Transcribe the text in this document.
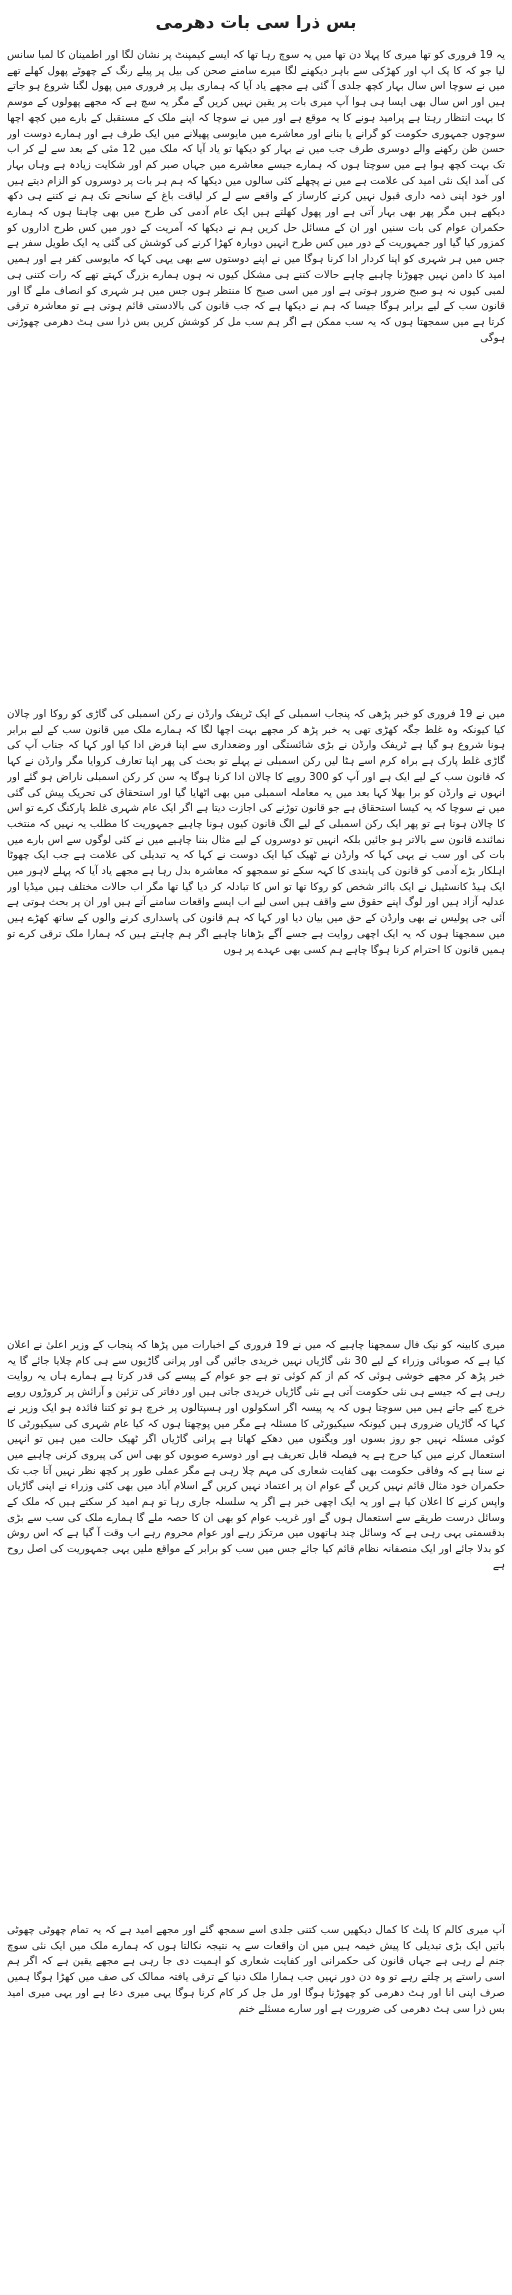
بس ذرا سی بات دھرمی

یہ 19 فروری کو تھا میری کا پہلا دن تھا میں یہ سوچ رہا تھا کہ ایسے کیمپنٹ پر نشان لگا اور اطمینان کا لمبا سانس لیا جو کہ کا پک اپ اور کھڑکی سے باہر دیکھنے لگا میرے سامنے صحن کی بیل پر پیلے رنگ کے چھوٹے پھول کھلے تھے میں نے سوچا اس سال بہار کچھ جلدی آ گئی ہے مجھے یاد آیا کہ ہماری بیل پر فروری میں پھول لگنا شروع ہو جاتے ہیں اور اس سال بھی ایسا ہی ہوا آپ میری بات پر یقین نہیں کریں گے مگر یہ سچ ہے کہ مجھے پھولوں کے موسم کا بہت انتظار رہتا ہے پرامید ہونے کا یہ موقع ہے اور میں نے سوچا کہ اپنے ملک کے مستقبل کے بارے میں کچھ اچھا سوچوں جمہوری حکومت کو گرانے یا بنانے اور معاشرے میں مایوسی پھیلانے میں ایک طرف ہے اور ہمارے دوست اور حسن ظن رکھنے والے دوسری طرف جب میں نے بہار کو دیکھا تو یاد آیا کہ ملک میں 12 مئی کے بعد سے لے کر اب تک بہت کچھ ہوا ہے میں سوچتا ہوں کہ ہمارے جیسے معاشرے میں جہاں صبر کم اور شکایت زیادہ ہے وہاں بہار کی آمد ایک نئی امید کی علامت ہے میں نے پچھلے کئی سالوں میں دیکھا کہ ہم ہر بات پر دوسروں کو الزام دیتے ہیں اور خود اپنی ذمہ داری قبول نہیں کرتے کارساز کے واقعے سے لے کر لیاقت باغ کے سانحے تک ہم نے کتنے ہی دکھ دیکھے ہیں مگر پھر بھی بہار آتی ہے اور پھول کھلتے ہیں ایک عام آدمی کی طرح میں بھی چاہتا ہوں کہ ہمارے حکمران عوام کی بات سنیں اور ان کے مسائل حل کریں ہم نے دیکھا کہ آمریت کے دور میں کس طرح اداروں کو کمزور کیا گیا اور جمہوریت کے دور میں کس طرح انہیں دوبارہ کھڑا کرنے کی کوشش کی گئی یہ ایک طویل سفر ہے جس میں ہر شہری کو اپنا کردار ادا کرنا ہوگا میں نے اپنے دوستوں سے بھی یہی کہا کہ مایوسی کفر ہے اور ہمیں امید کا دامن نہیں چھوڑنا چاہیے چاہے حالات کتنے ہی مشکل کیوں نہ ہوں ہمارے بزرگ کہتے تھے کہ رات کتنی ہی لمبی کیوں نہ ہو صبح ضرور ہوتی ہے اور میں اسی صبح کا منتظر ہوں جس میں ہر شہری کو انصاف ملے گا اور قانون سب کے لیے برابر ہوگا جیسا کہ ہم نے دیکھا ہے کہ جب قانون کی بالادستی قائم ہوتی ہے تو معاشرہ ترقی کرتا ہے میں سمجھتا ہوں کہ یہ سب ممکن ہے اگر ہم سب مل کر کوشش کریں بس ذرا سی ہٹ دھرمی چھوڑنی ہوگی

میں نے 19 فروری کو خبر پڑھی کہ پنجاب اسمبلی کے ایک ٹریفک وارڈن نے رکن اسمبلی کی گاڑی کو روکا اور چالان کیا کیونکہ وہ غلط جگہ کھڑی تھی یہ خبر پڑھ کر مجھے بہت اچھا لگا کہ ہمارے ملک میں قانون سب کے لیے برابر ہونا شروع ہو گیا ہے ٹریفک وارڈن نے بڑی شائستگی اور وضعداری سے اپنا فرض ادا کیا اور کہا کہ جناب آپ کی گاڑی غلط پارک ہے براہ کرم اسے ہٹا لیں رکن اسمبلی نے پہلے تو بحث کی پھر اپنا تعارف کروایا مگر وارڈن نے کہا کہ قانون سب کے لیے ایک ہے اور آپ کو 300 روپے کا چالان ادا کرنا ہوگا یہ سن کر رکن اسمبلی ناراض ہو گئے اور انہوں نے وارڈن کو برا بھلا کہا بعد میں یہ معاملہ اسمبلی میں بھی اٹھایا گیا اور استحقاق کی تحریک پیش کی گئی میں نے سوچا کہ یہ کیسا استحقاق ہے جو قانون توڑنے کی اجازت دیتا ہے اگر ایک عام شہری غلط پارکنگ کرے تو اس کا چالان ہوتا ہے تو پھر ایک رکن اسمبلی کے لیے الگ قانون کیوں ہونا چاہیے جمہوریت کا مطلب یہ نہیں کہ منتخب نمائندے قانون سے بالاتر ہو جائیں بلکہ انہیں تو دوسروں کے لیے مثال بننا چاہیے میں نے کئی لوگوں سے اس بارے میں بات کی اور سب نے یہی کہا کہ وارڈن نے ٹھیک کیا ایک دوست نے کہا کہ یہ تبدیلی کی علامت ہے جب ایک چھوٹا اہلکار بڑے آدمی کو قانون کی پابندی کا کہہ سکے تو سمجھو کہ معاشرہ بدل رہا ہے مجھے یاد آیا کہ پہلے لاہور میں ایک ہیڈ کانسٹیبل نے ایک بااثر شخص کو روکا تھا تو اس کا تبادلہ کر دیا گیا تھا مگر اب حالات مختلف ہیں میڈیا اور عدلیہ آزاد ہیں اور لوگ اپنے حقوق سے واقف ہیں اسی لیے اب ایسے واقعات سامنے آتے ہیں اور ان پر بحث ہوتی ہے آئی جی پولیس نے بھی وارڈن کے حق میں بیان دیا اور کہا کہ ہم قانون کی پاسداری کرنے والوں کے ساتھ کھڑے ہیں میں سمجھتا ہوں کہ یہ ایک اچھی روایت ہے جسے آگے بڑھانا چاہیے اگر ہم چاہتے ہیں کہ ہمارا ملک ترقی کرے تو ہمیں قانون کا احترام کرنا ہوگا چاہے ہم کسی بھی عہدے پر ہوں

میری کابینہ کو نیک فال سمجھنا چاہیے کہ میں نے 19 فروری کے اخبارات میں پڑھا کہ پنجاب کے وزیر اعلیٰ نے اعلان کیا ہے کہ صوبائی وزراء کے لیے 30 نئی گاڑیاں نہیں خریدی جائیں گی اور پرانی گاڑیوں سے ہی کام چلایا جائے گا یہ خبر پڑھ کر مجھے خوشی ہوئی کہ کم از کم کوئی تو ہے جو عوام کے پیسے کی قدر کرتا ہے ہمارے ہاں یہ روایت رہی ہے کہ جیسے ہی نئی حکومت آتی ہے نئی گاڑیاں خریدی جاتی ہیں اور دفاتر کی تزئین و آرائش پر کروڑوں روپے خرچ کیے جاتے ہیں میں سوچتا ہوں کہ یہ پیسہ اگر اسکولوں اور ہسپتالوں پر خرچ ہو تو کتنا فائدہ ہو ایک وزیر نے کہا کہ گاڑیاں ضروری ہیں کیونکہ سیکیورٹی کا مسئلہ ہے مگر میں پوچھتا ہوں کہ کیا عام شہری کی سیکیورٹی کا کوئی مسئلہ نہیں جو روز بسوں اور ویگنوں میں دھکے کھاتا ہے پرانی گاڑیاں اگر ٹھیک حالت میں ہیں تو انہیں استعمال کرنے میں کیا حرج ہے یہ فیصلہ قابل تعریف ہے اور دوسرے صوبوں کو بھی اس کی پیروی کرنی چاہیے میں نے سنا ہے کہ وفاقی حکومت بھی کفایت شعاری کی مہم چلا رہی ہے مگر عملی طور پر کچھ نظر نہیں آتا جب تک حکمران خود مثال قائم نہیں کریں گے عوام ان پر اعتماد نہیں کریں گے اسلام آباد میں بھی کئی وزراء نے اپنی گاڑیاں واپس کرنے کا اعلان کیا ہے اور یہ ایک اچھی خبر ہے اگر یہ سلسلہ جاری رہا تو ہم امید کر سکتے ہیں کہ ملک کے وسائل درست طریقے سے استعمال ہوں گے اور غریب عوام کو بھی ان کا حصہ ملے گا ہمارے ملک کی سب سے بڑی بدقسمتی یہی رہی ہے کہ وسائل چند ہاتھوں میں مرتکز رہے اور عوام محروم رہے اب وقت آ گیا ہے کہ اس روش کو بدلا جائے اور ایک منصفانہ نظام قائم کیا جائے جس میں سب کو برابر کے مواقع ملیں یہی جمہوریت کی اصل روح ہے

آپ میری کالم کا پلٹ کا کمال دیکھیں سب کتنی جلدی اسے سمجھ گئے اور مجھے امید ہے کہ یہ تمام چھوٹی چھوٹی باتیں ایک بڑی تبدیلی کا پیش خیمہ ہیں میں ان واقعات سے یہ نتیجہ نکالتا ہوں کہ ہمارے ملک میں ایک نئی سوچ جنم لے رہی ہے جہاں قانون کی حکمرانی اور کفایت شعاری کو اہمیت دی جا رہی ہے مجھے یقین ہے کہ اگر ہم اسی راستے پر چلتے رہے تو وہ دن دور نہیں جب ہمارا ملک دنیا کے ترقی یافتہ ممالک کی صف میں کھڑا ہوگا ہمیں صرف اپنی انا اور ہٹ دھرمی کو چھوڑنا ہوگا اور مل جل کر کام کرنا ہوگا یہی میری دعا ہے اور یہی میری امید بس ذرا سی ہٹ دھرمی کی ضرورت ہے اور سارے مسئلے ختم
